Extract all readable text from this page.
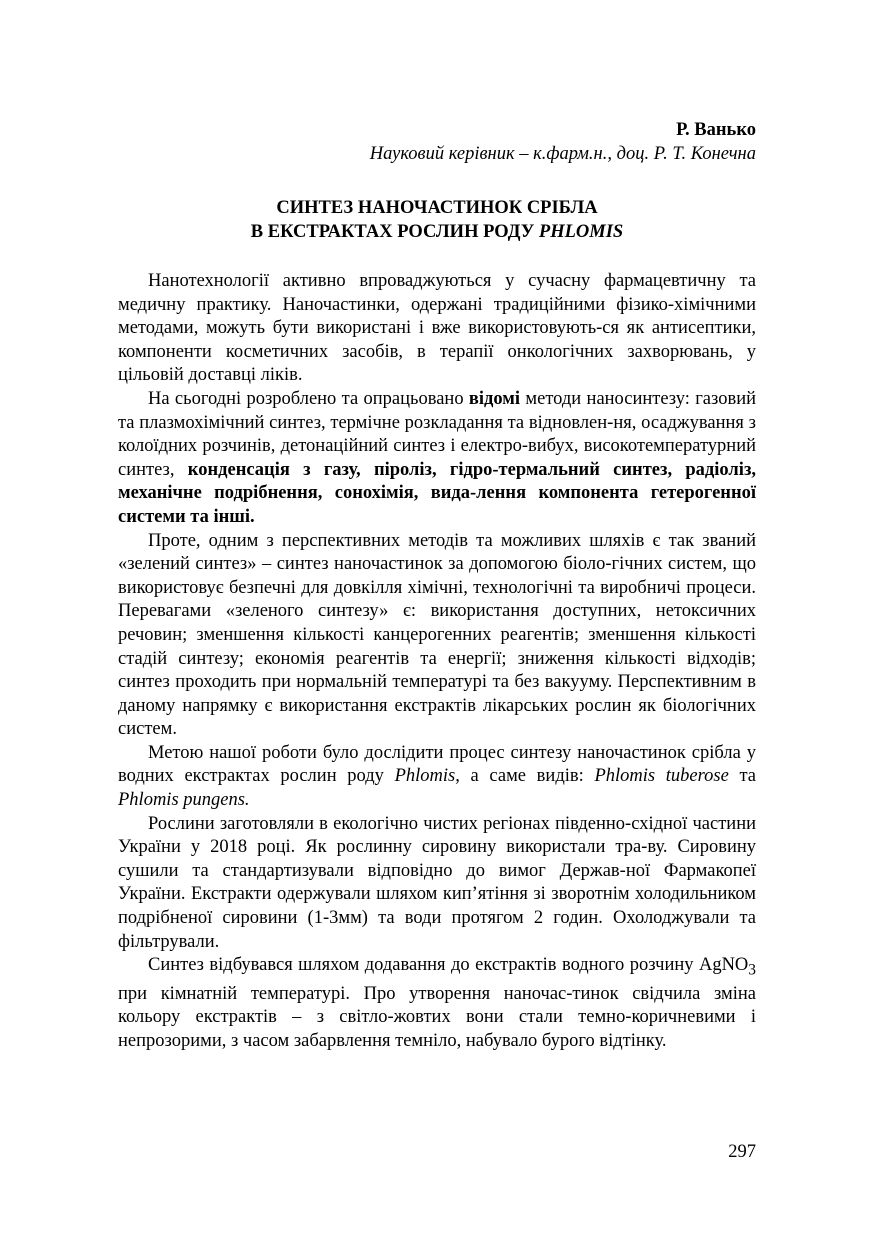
Р. Ванько

Науковий керівник – к.фарм.н., доц. Р. Т. Конечна

СИНТЕЗ НАНОЧАСТИНОК СРІБЛА
В ЕКСТРАКТАХ РОСЛИН РОДУ PHLOMIS

Нанотехнології активно впроваджуються у сучасну фармацевтичну та медичну практику. Наночастинки, одержані традиційними фізико-хімічними методами, можуть бути використані і вже використовують-ся як антисептики, компоненти косметичних засобів, в терапії онкологічних захворювань, у цільовій доставці ліків.

На сьогодні розроблено та опрацьовано відомі методи наносинтезу: газовий та плазмохімічний синтез, термічне розкладання та відновлен-ня, осаджування з колоїдних розчинів, детонаційний синтез і електро-вибух, високотемпературний синтез, конденсація з газу, піроліз, гідро-термальний синтез, радіоліз, механічне подрібнення, сонохімія, вида-лення компонента гетерогенної системи та інші.

Проте, одним з перспективних методів та можливих шляхів є так званий «зелений синтез» – синтез наночастинок за допомогою біоло-гічних систем, що використовує безпечні для довкілля хімічні, технологічні та виробничі процеси. Перевагами «зеленого синтезу» є: використання доступних, нетоксичних речовин; зменшення кількості канцерогенних реагентів; зменшення кількості стадій синтезу; економія реагентів та енергії; зниження кількості відходів; синтез проходить при нормальній температурі та без вакууму. Перспективним в даному напрямку є використання екстрактів лікарських рослин як біологічних систем.

Метою нашої роботи було дослідити процес синтезу наночастинок срібла у водних екстрактах рослин роду Phlomis, а саме видів: Phlomis tuberose та Phlomis pungens.

Рослини заготовляли в екологічно чистих регіонах південно-східної частини України у 2018 році. Як рослинну сировину використали тра-ву. Сировину сушили та стандартизували відповідно до вимог Держав-ної Фармакопеї України. Екстракти одержували шляхом кип’ятіння зі зворотнім холодильником подрібненої сировини (1-3мм) та води протягом 2 годин. Охолоджували та фільтрували.

Синтез відбувався шляхом додавання до екстрактів водного розчину AgNO$_3$ при кімнатній температурі. Про утворення наночас-тинок свідчила зміна кольору екстрактів – з світло-жовтих вони стали темно-коричневими і непрозорими, з часом забарвлення темніло, набувало бурого відтінку.

297
